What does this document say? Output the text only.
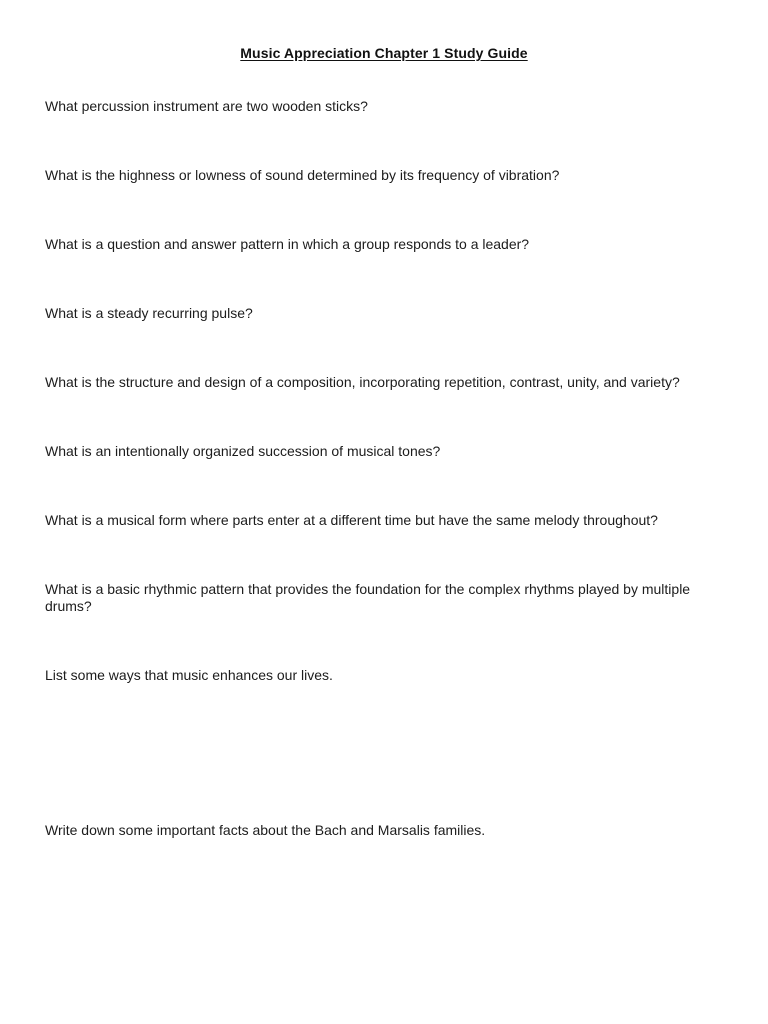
Music Appreciation Chapter 1 Study Guide

What percussion instrument are two wooden sticks?

What is the highness or lowness of sound determined by its frequency of vibration?

What is a question and answer pattern in which a group responds to a leader?

What is a steady recurring pulse?

What is the structure and design of a composition, incorporating repetition, contrast, unity, and variety?

What is an intentionally organized succession of musical tones?

What is a musical form where parts enter at a different time but have the same melody throughout?

What is a basic rhythmic pattern that provides the foundation for the complex rhythms played by multiple drums?

List some ways that music enhances our lives.

Write down some important facts about the Bach and Marsalis families.
